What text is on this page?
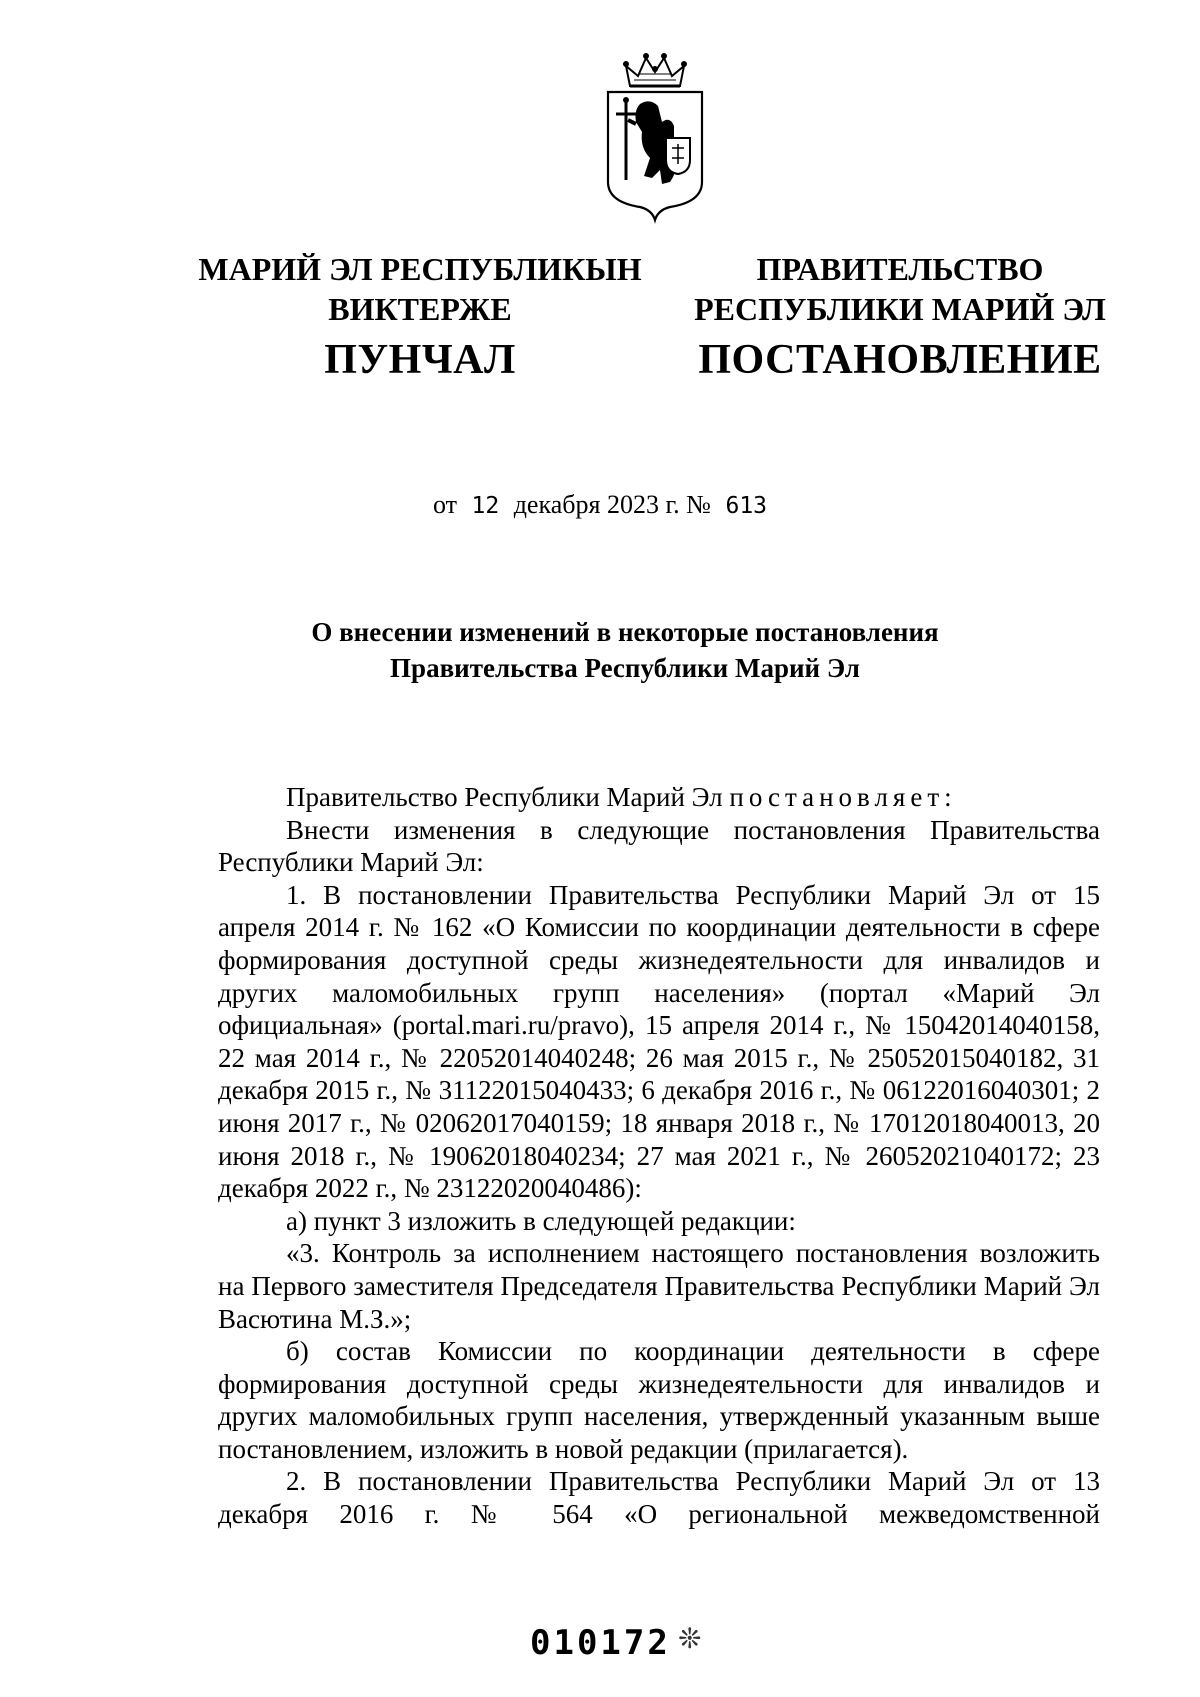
МАРИЙ ЭЛ РЕСПУБЛИКЫН
ВИКТЕРЖЕ
ПУНЧАЛ
ПРАВИТЕЛЬСТВО
РЕСПУБЛИКИ МАРИЙ ЭЛ
ПОСТАНОВЛЕНИЕ
от 12 декабря 2023 г. № 613
О внесении изменений в некоторые постановления
Правительства Республики Марий Эл

Правительство Республики Марий Эл постановляет:

Внести изменения в следующие постановления Правительства Республики Марий Эл:

1. В постановлении Правительства Республики Марий Эл от 15 апреля 2014 г. № 162 «О Комиссии по координации деятельности в сфере формирования доступной среды жизнедеятельности для инвалидов и других маломобильных групп населения» (портал «Марий Эл официальная» (portal.mari.ru/pravo), 15 апреля 2014 г., № 15042014040158, 22 мая 2014 г., № 22052014040248; 26 мая 2015 г., № 25052015040182, 31 декабря 2015 г., № 31122015040433; 6 декабря 2016 г., № 06122016040301; 2 июня 2017 г., № 02062017040159; 18 января 2018 г., № 17012018040013, 20 июня 2018 г., № 19062018040234; 27 мая 2021 г., № 26052021040172; 23 декабря 2022 г., № 23122020040486):

а) пункт 3 изложить в следующей редакции:

«3. Контроль за исполнением настоящего постановления возложить на Первого заместителя Председателя Правительства Республики Марий Эл Васютина М.З.»;

б) состав Комиссии по координации деятельности в сфере формирования доступной среды жизнедеятельности для инвалидов и других маломобильных групп населения, утвержденный указанным выше постановлением, изложить в новой редакции (прилагается).

2. В постановлении Правительства Республики Марий Эл от 13 декабря 2016 г. № 564 «О региональной межведомственной

010172 ❊
